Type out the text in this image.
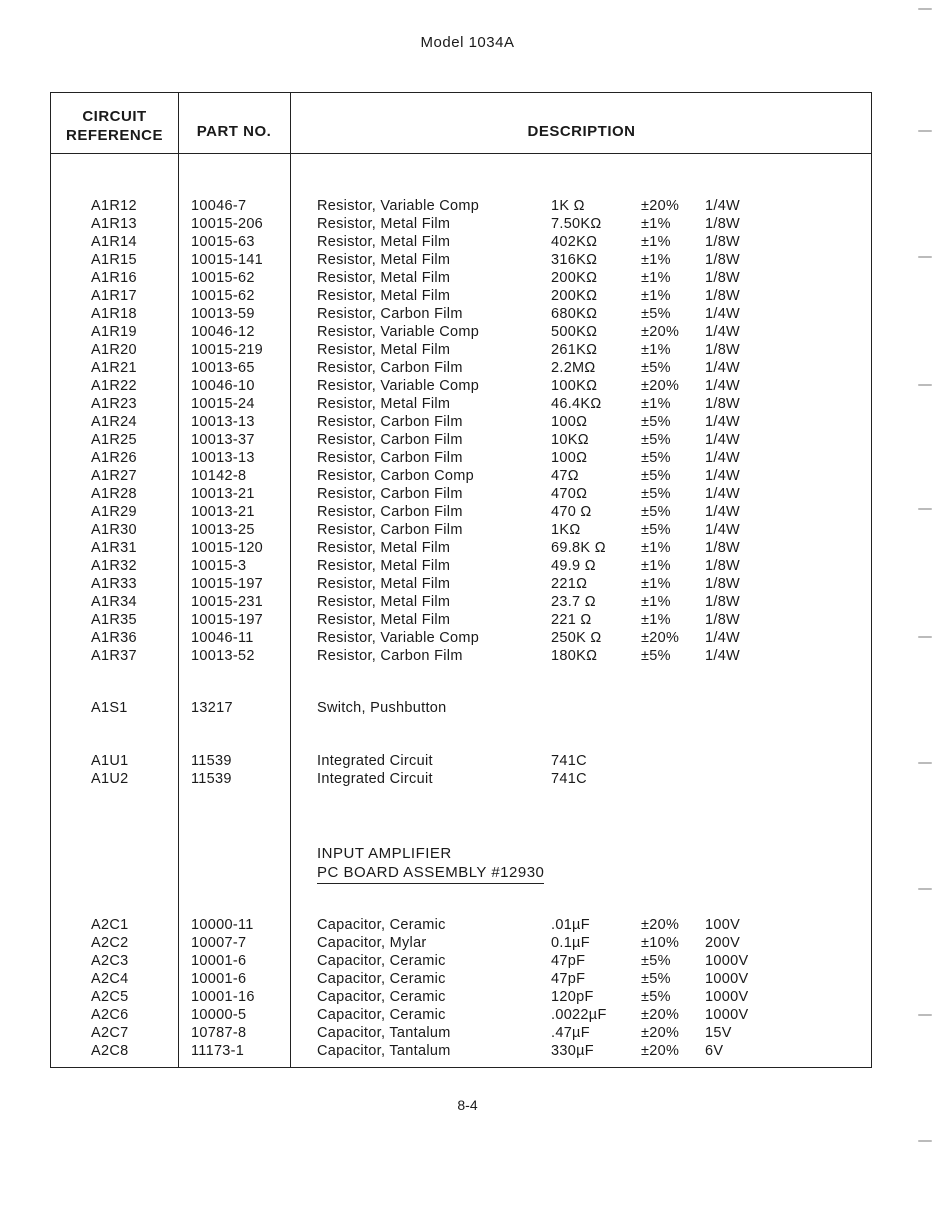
Model 1034A
CIRCUIT
REFERENCE	PART NO.	DESCRIPTION
A1R12	10046-7	Resistor, Variable Comp	1K Ω	±20% 1/4W
A1R13	10015-206	Resistor, Metal Film	7.50KΩ	±1% 1/8W
A1R14	10015-63	Resistor, Metal Film	402KΩ	±1% 1/8W
A1R15	10015-141	Resistor, Metal Film	316KΩ	±1% 1/8W
A1R16	10015-62	Resistor, Metal Film	200KΩ	±1% 1/8W
A1R17	10015-62	Resistor, Metal Film	200KΩ	±1% 1/8W
A1R18	10013-59	Resistor, Carbon Film	680KΩ	±5% 1/4W
A1R19	10046-12	Resistor, Variable Comp	500KΩ	±20% 1/4W
A1R20	10015-219	Resistor, Metal Film	261KΩ	±1% 1/8W
A1R21	10013-65	Resistor, Carbon Film	2.2MΩ	±5% 1/4W
A1R22	10046-10	Resistor, Variable Comp	100KΩ	±20% 1/4W
A1R23	10015-24	Resistor, Metal Film	46.4KΩ	±1% 1/8W
A1R24	10013-13	Resistor, Carbon Film	100Ω	±5% 1/4W
A1R25	10013-37	Resistor, Carbon Film	10KΩ	±5% 1/4W
A1R26	10013-13	Resistor, Carbon Film	100Ω	±5% 1/4W
A1R27	10142-8	Resistor, Carbon Comp	47Ω	±5% 1/4W
A1R28	10013-21	Resistor, Carbon Film	470Ω	±5% 1/4W
A1R29	10013-21	Resistor, Carbon Film	470 Ω	±5% 1/4W
A1R30	10013-25	Resistor, Carbon Film	1KΩ	±5% 1/4W
A1R31	10015-120	Resistor, Metal Film	69.8K Ω ±1% 1/8W
A1R32	10015-3	Resistor, Metal Film	49.9 Ω	±1% 1/8W
A1R33	10015-197	Resistor, Metal Film	221Ω	±1% 1/8W
A1R34	10015-231	Resistor, Metal Film	23.7 Ω	±1% 1/8W
A1R35	10015-197	Resistor, Metal Film	221 Ω	±1% 1/8W
A1R36	10046-11	Resistor, Variable Comp	250K Ω	±20% 1/4W
A1R37	10013-52	Resistor, Carbon Film	180KΩ	±5% 1/4W
A1S1	13217	Switch, Pushbutton
A1U1	11539	Integrated Circuit	741C
A1U2	11539	Integrated Circuit	741C
A2C1	10000-11	Capacitor, Ceramic	.01µF	±20% 100V
A2C2	10007-7	Capacitor, Mylar	0.1µF	±10% 200V
A2C3	10001-6	Capacitor, Ceramic	47pF	±5% 1000V
A2C4	10001-6	Capacitor, Ceramic	47pF	±5% 1000V
A2C5	10001-16	Capacitor, Ceramic	120pF	±5% 1000V
A2C6	10000-5	Capacitor, Ceramic	.0022µF ±20% 1000V
A2C7	10787-8	Capacitor, Tantalum	.47µF	±20% 15V
A2C8	11173-1	Capacitor, Tantalum	330µF	±20% 6V
INPUT AMPLIFIER
PC BOARD ASSEMBLY #12930
8-4
